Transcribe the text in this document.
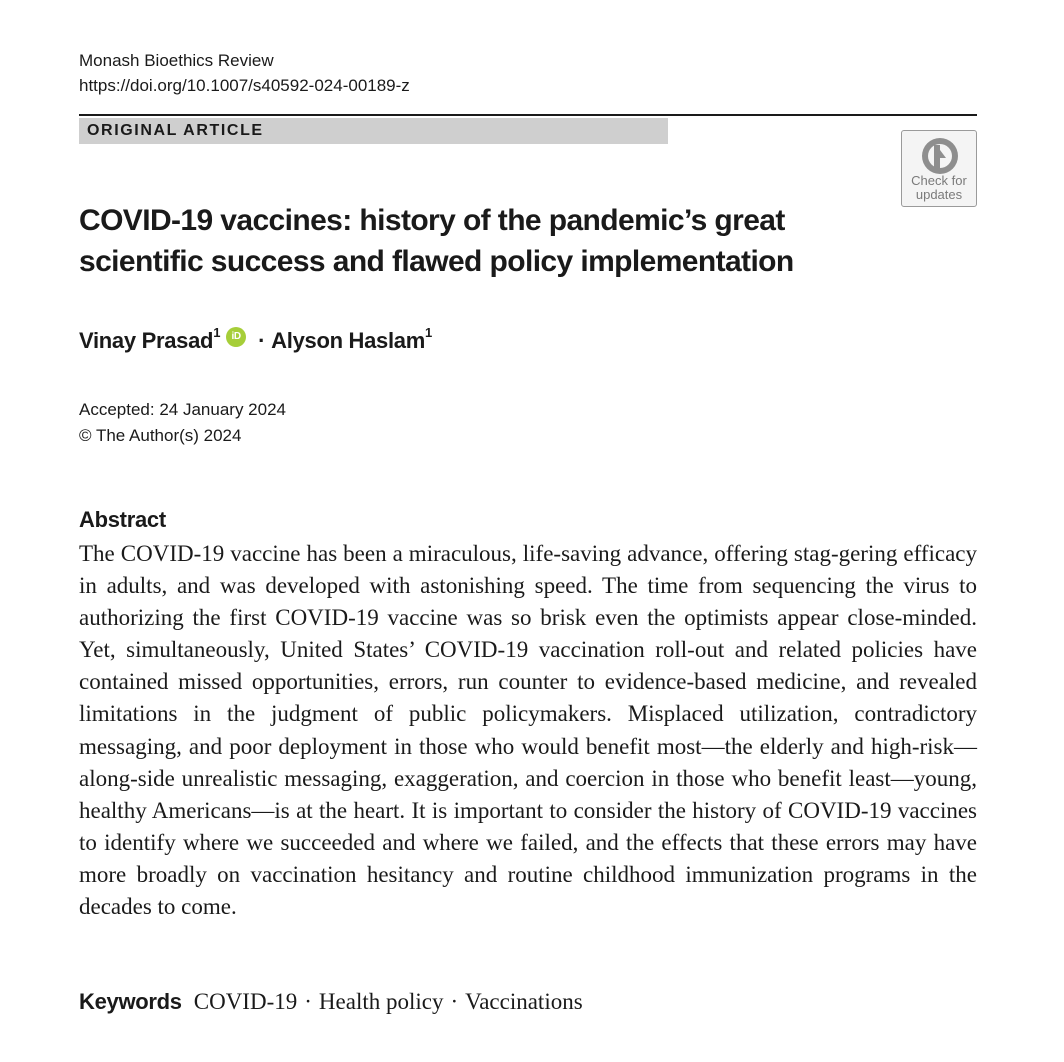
Monash Bioethics Review
https://doi.org/10.1007/s40592-024-00189-z
ORIGINAL ARTICLE
Check for
updates
COVID-19 vaccines: history of the pandemic’s great scientific success and flawed policy implementation
Vinay Prasad$^1$	iD · Alyson Haslam$^1$
Accepted: 24 January 2024
© The Author(s) 2024
Abstract

The COVID-19 vaccine has been a miraculous, life-saving advance, offering stag-gering efficacy in adults, and was developed with astonishing speed. The time from sequencing the virus to authorizing the first COVID-19 vaccine was so brisk even the optimists appear close-minded. Yet, simultaneously, United States’ COVID-19 vaccination roll-out and related policies have contained missed opportunities, errors, run counter to evidence-based medicine, and revealed limitations in the judgment of public policymakers. Misplaced utilization, contradictory messaging, and poor deployment in those who would benefit most—the elderly and high-risk—along-side unrealistic messaging, exaggeration, and coercion in those who benefit least—young, healthy Americans—is at the heart. It is important to consider the history of COVID-19 vaccines to identify where we succeeded and where we failed, and the effects that these errors may have more broadly on vaccination hesitancy and routine childhood immunization programs in the decades to come.

Keywords COVID-19 · Health policy · Vaccinations
